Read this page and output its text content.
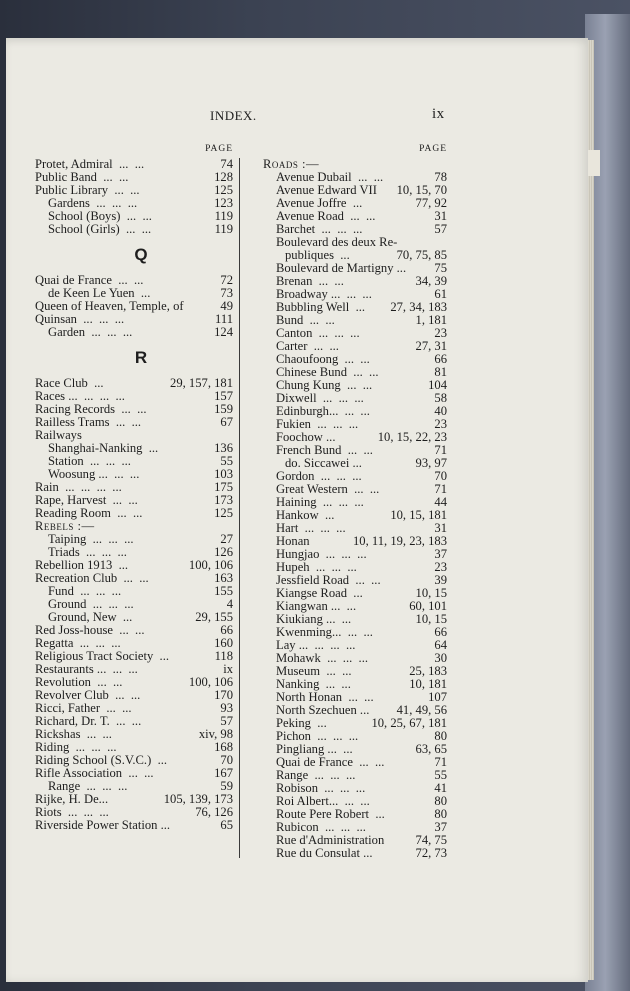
INDEX.	ix
PAGE
Protet, Admiral  ...  ...	74
Public Band  ...  ...	128
Public Library  ...  ...	125
Gardens  ...  ...  ...	123
School (Boys)  ...  ...	119
School (Girls)  ...  ...	119
Q
Quai de France  ...  ...	72
de Keen Le Yuen  ...	73
Queen of Heaven, Temple, of	49
Quinsan  ...  ...  ...	111
Garden  ...  ...  ...	124
R
Race Club  ...	29, 157, 181
Races ...  ...  ...  ...	157
Racing Records  ...  ...	159
Railless Trams  ...  ...	67
Railways
Shanghai-Nanking  ...	136
Station  ...  ...  ...	55
Woosung ...  ...  ...	103
Rain  ...  ...  ...  ...	175
Rape, Harvest  ...  ...	173
Reading Room  ...  ...	125
Rebels :—
Taiping  ...  ...  ...	27
Triads  ...  ...  ...	126
Rebellion 1913  ...	100, 106
Recreation Club  ...  ...	163
Fund  ...  ...  ...	155
Ground  ...  ...  ...	4
Ground, New  ...	29, 155
Red Joss-house  ...  ...	66
Regatta  ...  ...  ...	160
Religious Tract Society  ...	118
Restaurants ...  ...  ...	ix
Revolution  ...  ...	100, 106
Revolver Club  ...  ...	170
Ricci, Father  ...  ...	93
Richard, Dr. T.  ...  ...	57
Rickshas  ...  ...	xiv, 98
Riding  ...  ...  ...	168
Riding School (S.V.C.)  ...	70
Rifle Association  ...  ...	167
Range  ...  ...  ...	59
Rijke, H. De...	105, 139, 173
Riots  ...  ...  ...	76, 126
Riverside Power Station ...	65
PAGE
Roads :—
Avenue Dubail  ...  ...	78
Avenue Edward VII 10, 15, 70
Avenue Joffre  ...	77, 92
Avenue Road  ...  ...	31
Barchet  ...  ...  ...	57
Boulevard des deux Re-
publiques  ...	70, 75, 85
Boulevard de Martigny ... 75
Brenan  ...  ...	34, 39
Broadway ...  ...  ...	61
Bubbling Well  ... 27, 34, 183
Bund  ...  ...	1, 181
Canton  ...  ...  ...	23
Carter  ...  ...	27, 31
Chaoufoong  ...  ...	66
Chinese Bund  ...  ...	81
Chung Kung  ...  ...	104
Dixwell  ...  ...  ...	58
Edinburgh...  ...  ...	40
Fukien  ...  ...  ...	23
Foochow ...	10, 15, 22, 23
French Bund  ...  ...	71
do. Siccawei ...	93, 97
Gordon  ...  ...  ...	70
Great Western  ...  ...	71
Haining  ...  ...  ...	44
Hankow  ...	10, 15, 181
Hart  ...  ...  ...	31
Honan	10, 11, 19, 23, 183
Hungjao  ...  ...  ...	37
Hupeh  ...  ...  ...	23
Jessfield Road  ...  ...	39
Kiangse Road  ...	10, 15
Kiangwan ...  ...	60, 101
Kiukiang ...  ...	10, 15
Kwenming...  ...  ...	66
Lay ...  ...  ...  ...	64
Mohawk  ...  ...  ...	30
Museum  ...  ...	25, 183
Nanking  ...  ...	10, 181
North Honan  ...  ...	107
North Szechuen ... 41, 49, 56
Peking  ...	10, 25, 67, 181
Pichon  ...  ...  ...	80
Pingliang ...  ...	63, 65
Quai de France  ...  ...	71
Range  ...  ...  ...	55
Robison  ...  ...  ...	41
Roi Albert...  ...  ...	80
Route Pere Robert  ...	80
Rubicon  ...  ...  ...	37
Rue d'Administration 74, 75
Rue du Consulat ...	72, 73
